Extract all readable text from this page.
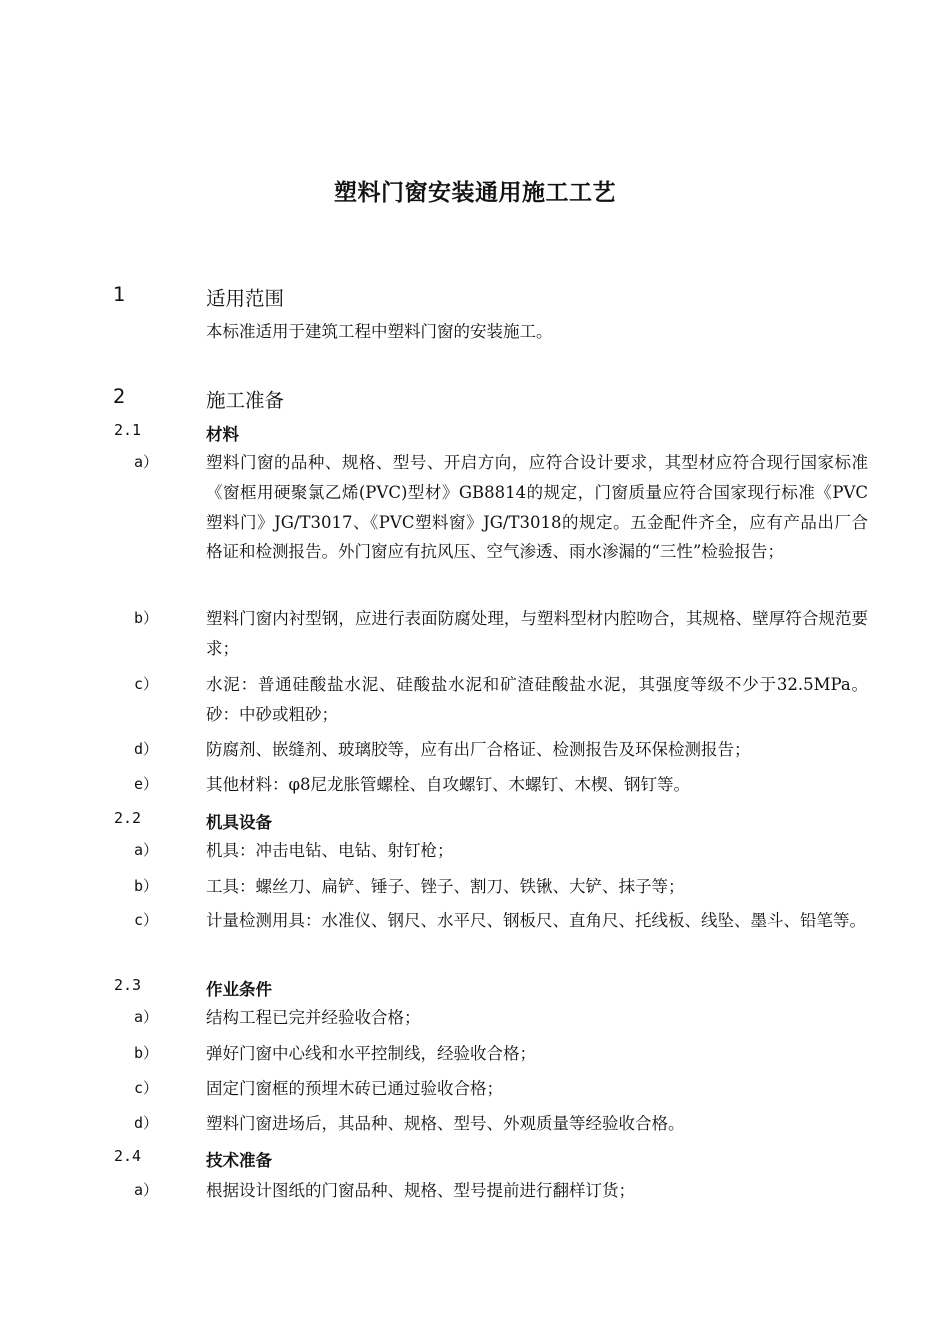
塑料门窗安装通用施工工艺
1	适用范围
本标准适用于建筑工程中塑料门窗的安装施工。
2	施工准备
2.1	材料
a）	塑料门窗的品种、规格、型号、开启方向，应符合设计要求，其型材应符合现行国家标准《窗框用硬聚氯乙烯(PVC)型材》GB8814的规定，门窗质量应符合国家现行标准《PVC塑料门》JG/T3017、《PVC塑料窗》JG/T3018的规定。五金配件齐全，应有产品出厂合格证和检测报告。外门窗应有抗风压、空气渗透、雨水渗漏的“三性”检验报告；
b）	塑料门窗内衬型钢，应进行表面防腐处理，与塑料型材内腔吻合，其规格、壁厚符合规范要求；
c）	水泥：普通硅酸盐水泥、硅酸盐水泥和矿渣硅酸盐水泥，其强度等级不少于32.5MPa。砂：中砂或粗砂；
d）	防腐剂、嵌缝剂、玻璃胶等，应有出厂合格证、检测报告及环保检测报告；
e）	其他材料：φ8尼龙胀管螺栓、自攻螺钉、木螺钉、木楔、钢钉等。
2.2	机具设备
a）	机具：冲击电钻、电钻、射钉枪；
b）	工具：螺丝刀、扁铲、锤子、锉子、割刀、铁锹、大铲、抹子等；
c）	计量检测用具：水准仪、钢尺、水平尺、钢板尺、直角尺、托线板、线坠、墨斗、铅笔等。
2.3	作业条件
a）	结构工程已完并经验收合格；
b）	弹好门窗中心线和水平控制线，经验收合格；
c）	固定门窗框的预埋木砖已通过验收合格；
d）	塑料门窗进场后，其品种、规格、型号、外观质量等经验收合格。
2.4	技术准备
a）	根据设计图纸的门窗品种、规格、型号提前进行翻样订货；
